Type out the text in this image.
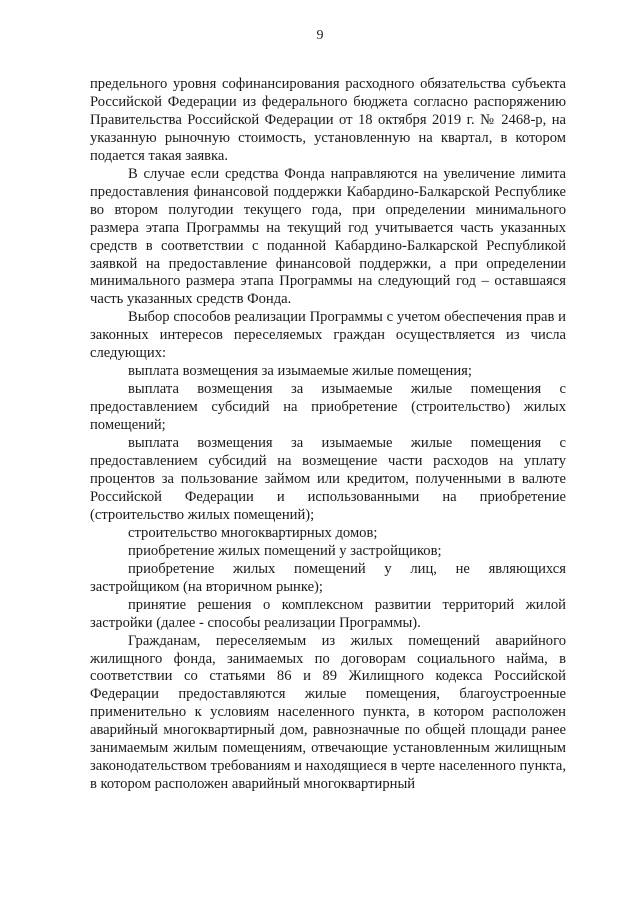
9

предельного уровня софинансирования расходного обязательства субъекта Российской Федерации из федерального бюджета согласно распоряжению Правительства Российской Федерации от 18 октября 2019 г. № 2468-р, на указанную рыночную стоимость, установленную на квартал, в котором подается такая заявка.

В случае если средства Фонда направляются на увеличение лимита предоставления финансовой поддержки Кабардино-Балкарской Республике во втором полугодии текущего года, при определении минимального размера этапа Программы на текущий год учитывается часть указанных средств в соответствии с поданной Кабардино-Балкарской Республикой заявкой на предоставление финансовой поддержки, а при определении минимального размера этапа Программы на следующий год – оставшаяся часть указанных средств Фонда.

Выбор способов реализации Программы с учетом обеспечения прав и законных интересов переселяемых граждан осуществляется из числа следующих:

выплата возмещения за изымаемые жилые помещения;

выплата возмещения за изымаемые жилые помещения с предоставлением субсидий на приобретение (строительство) жилых помещений;

выплата возмещения за изымаемые жилые помещения с предоставлением субсидий на возмещение части расходов на уплату процентов за пользование займом или кредитом, полученными в валюте Российской Федерации и использованными на приобретение (строительство жилых помещений);

строительство многоквартирных домов;

приобретение жилых помещений у застройщиков;

приобретение жилых помещений у лиц, не являющихся застройщиком (на вторичном рынке);

принятие решения о комплексном развитии территорий жилой застройки (далее - способы реализации Программы).

Гражданам, переселяемым из жилых помещений аварийного жилищного фонда, занимаемых по договорам социального найма, в соответствии со статьями 86 и 89 Жилищного кодекса Российской Федерации предоставляются жилые помещения, благоустроенные применительно к условиям населенного пункта, в котором расположен аварийный многоквартирный дом, равнозначные по общей площади ранее занимаемым жилым помещениям, отвечающие установленным жилищным законодательством требованиям и находящиеся в черте населенного пункта, в котором расположен аварийный многоквартирный
